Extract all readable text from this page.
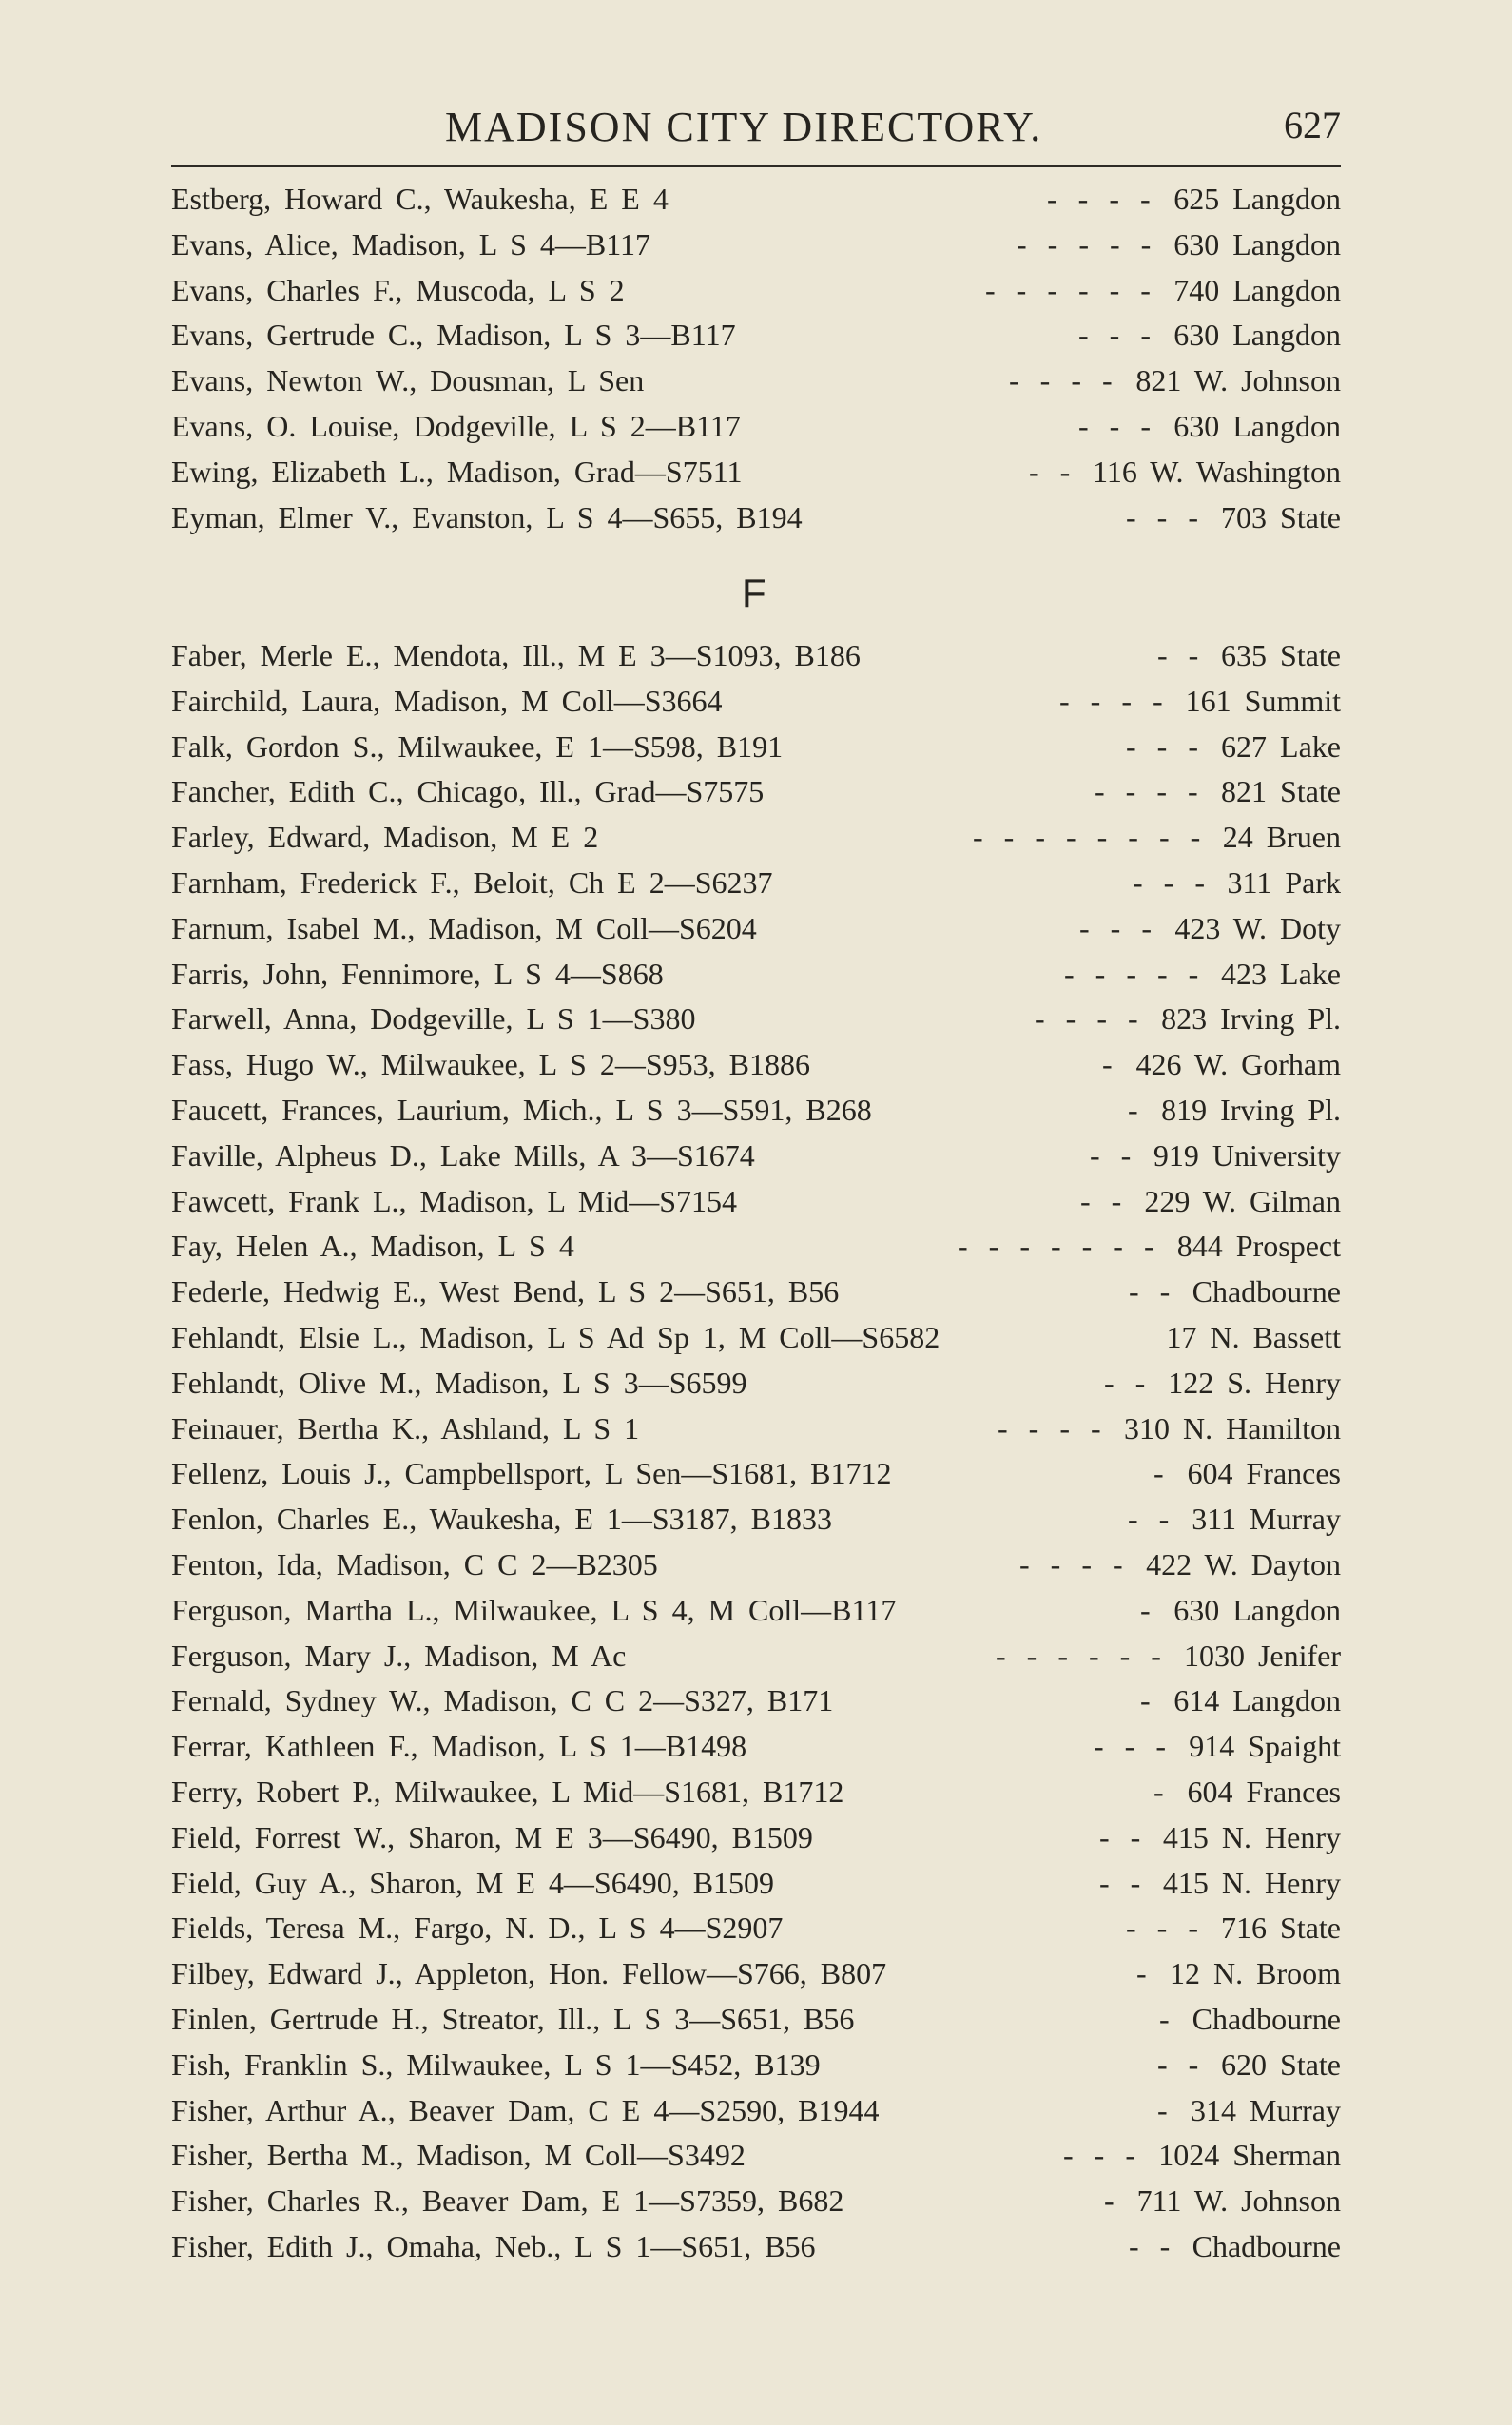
MADISON CITY DIRECTORY.	627
Estberg, Howard C., Waukesha, E E 4	- - - - 625 Langdon
Evans, Alice, Madison, L S 4—B117	- - - - - 630 Langdon
Evans, Charles F., Muscoda, L S 2	- - - - - - 740 Langdon
Evans, Gertrude C., Madison, L S 3—B117	- - - 630 Langdon
Evans, Newton W., Dousman, L Sen	- - - - 821 W. Johnson
Evans, O. Louise, Dodgeville, L S 2—B117	- - - 630 Langdon
Ewing, Elizabeth L., Madison, Grad—S7511	- - 116 W. Washington
Eyman, Elmer V., Evanston, L S 4—S655, B194	- - - 703 State
F
Faber, Merle E., Mendota, Ill., M E 3—S1093, B186	- - 635 State
Fairchild, Laura, Madison, M Coll—S3664	- - - - 161 Summit
Falk, Gordon S., Milwaukee, E 1—S598, B191	- - - 627 Lake
Fancher, Edith C., Chicago, Ill., Grad—S7575	- - - - 821 State
Farley, Edward, Madison, M E 2	- - - - - - - - 24 Bruen
Farnham, Frederick F., Beloit, Ch E 2—S6237	- - - 311 Park
Farnum, Isabel M., Madison, M Coll—S6204	- - - 423 W. Doty
Farris, John, Fennimore, L S 4—S868	- - - - - 423 Lake
Farwell, Anna, Dodgeville, L S 1—S380	- - - - 823 Irving Pl.
Fass, Hugo W., Milwaukee, L S 2—S953, B1886	- 426 W. Gorham
Faucett, Frances, Laurium, Mich., L S 3—S591, B268	- 819 Irving Pl.
Faville, Alpheus D., Lake Mills, A 3—S1674	- - 919 University
Fawcett, Frank L., Madison, L Mid—S7154	- - 229 W. Gilman
Fay, Helen A., Madison, L S 4	- - - - - - - 844 Prospect
Federle, Hedwig E., West Bend, L S 2—S651, B56	- - Chadbourne
Fehlandt, Elsie L., Madison, L S Ad Sp 1, M Coll—S6582	17 N. Bassett
Fehlandt, Olive M., Madison, L S 3—S6599	- - 122 S. Henry
Feinauer, Bertha K., Ashland, L S 1	- - - - 310 N. Hamilton
Fellenz, Louis J., Campbellsport, L Sen—S1681, B1712	- 604 Frances
Fenlon, Charles E., Waukesha, E 1—S3187, B1833	- - 311 Murray
Fenton, Ida, Madison, C C 2—B2305	- - - - 422 W. Dayton
Ferguson, Martha L., Milwaukee, L S 4, M Coll—B117	- 630 Langdon
Ferguson, Mary J., Madison, M Ac	- - - - - - 1030 Jenifer
Fernald, Sydney W., Madison, C C 2—S327, B171	- 614 Langdon
Ferrar, Kathleen F., Madison, L S 1—B1498	- - - 914 Spaight
Ferry, Robert P., Milwaukee, L Mid—S1681, B1712	- 604 Frances
Field, Forrest W., Sharon, M E 3—S6490, B1509	- - 415 N. Henry
Field, Guy A., Sharon, M E 4—S6490, B1509	- - 415 N. Henry
Fields, Teresa M., Fargo, N. D., L S 4—S2907	- - - 716 State
Filbey, Edward J., Appleton, Hon. Fellow—S766, B807	- 12 N. Broom
Finlen, Gertrude H., Streator, Ill., L S 3—S651, B56	- Chadbourne
Fish, Franklin S., Milwaukee, L S 1—S452, B139	- - 620 State
Fisher, Arthur A., Beaver Dam, C E 4—S2590, B1944	- 314 Murray
Fisher, Bertha M., Madison, M Coll—S3492	- - - 1024 Sherman
Fisher, Charles R., Beaver Dam, E 1—S7359, B682	- 711 W. Johnson
Fisher, Edith J., Omaha, Neb., L S 1—S651, B56	- - Chadbourne
